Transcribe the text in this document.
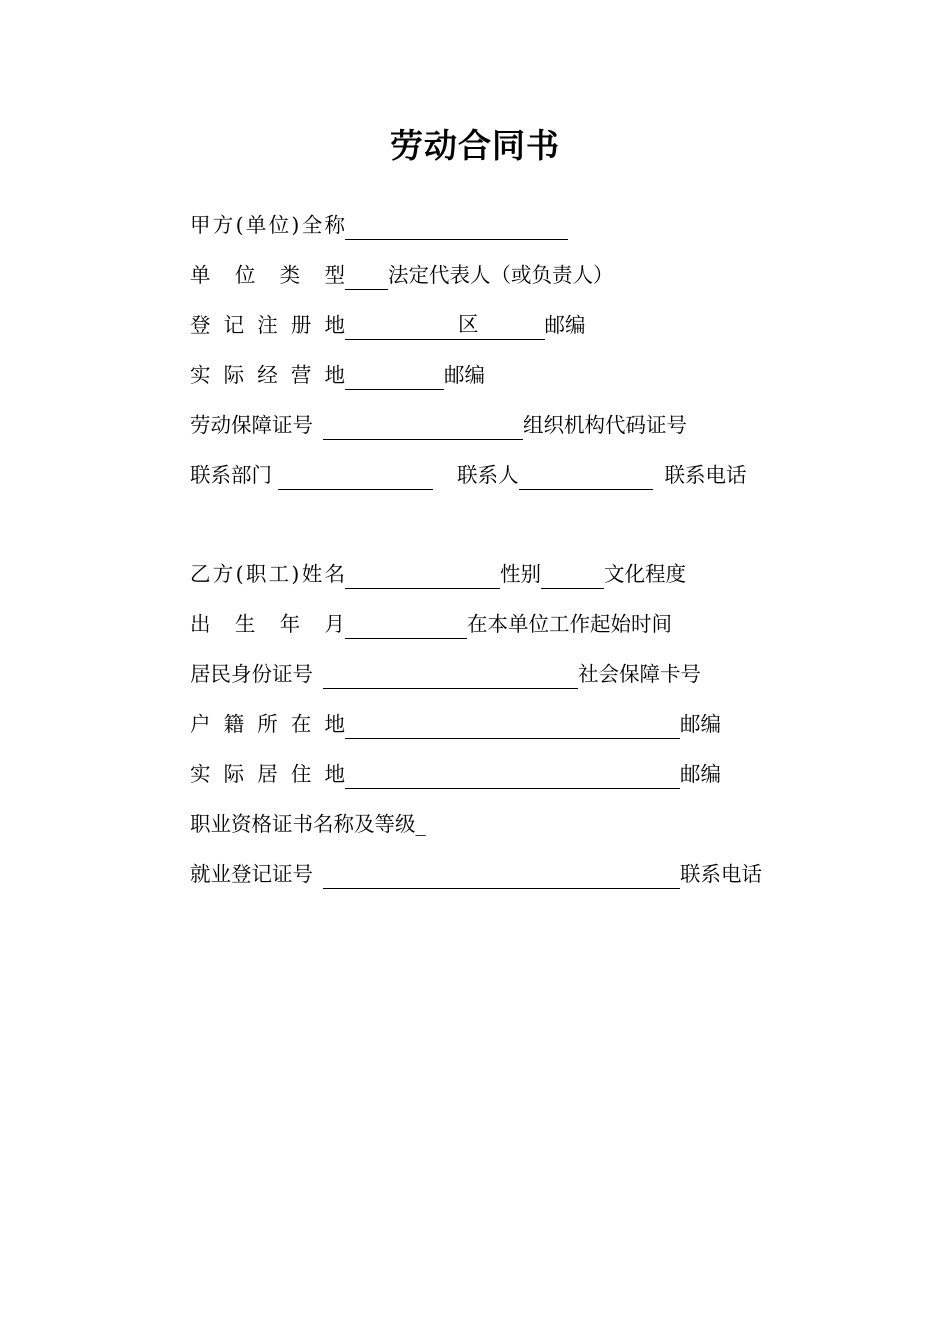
劳动合同书
甲方(单位)全称
单位类型 法定代表人（或负责人）
登记注册地	区	邮编
实际经营地	邮编
劳动保障证号	组织机构代码证号
联系部门	联系人	联系电话
乙方(职工)姓名	性别	文化程度
出生年月	在本单位工作起始时间
居民身份证号	社会保障卡号
户籍所在地	邮编
实际居住地	邮编
职业资格证书名称及等级 _
就业登记证号	联系电话
